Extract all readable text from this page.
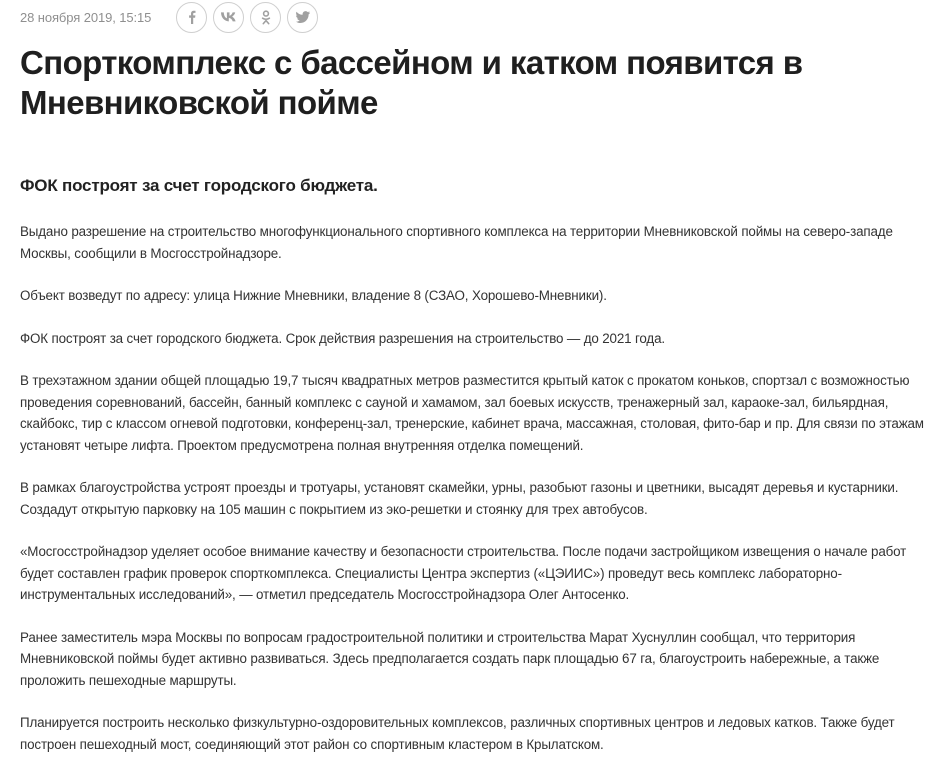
28 ноября 2019, 15:15
Спорткомплекс с бассейном и катком появится в Мневниковской пойме

ФОК построят за счет городского бюджета.

Выдано разрешение на строительство многофункционального спортивного комплекса на территории Мневниковской поймы на северо-западе Москвы, сообщили в Мосгосстройнадзоре.

Объект возведут по адресу: улица Нижние Мневники, владение 8 (СЗАО, Хорошево-Мневники).

ФОК построят за счет городского бюджета. Срок действия разрешения на строительство — до 2021 года.

В трехэтажном здании общей площадью 19,7 тысяч квадратных метров разместится крытый каток с прокатом коньков, спортзал с возможностью проведения соревнований, бассейн, банный комплекс с сауной и хамамом, зал боевых искусств, тренажерный зал, караоке-зал, бильярдная, скайбокс, тир с классом огневой подготовки, конференц-зал, тренерские, кабинет врача, массажная, столовая, фито-бар и пр. Для связи по этажам установят четыре лифта. Проектом предусмотрена полная внутренняя отделка помещений.

В рамках благоустройства устроят проезды и тротуары, установят скамейки, урны, разобьют газоны и цветники, высадят деревья и кустарники. Создадут открытую парковку на 105 машин с покрытием из эко-решетки и стоянку для трех автобусов.

«Мосгосстройнадзор уделяет особое внимание качеству и безопасности строительства. После подачи застройщиком извещения о начале работ будет составлен график проверок спорткомплекса. Специалисты Центра экспертиз («ЦЭИИС») проведут весь комплекс лабораторно-инструментальных исследований», — отметил председатель Мосгосстройнадзора Олег Антосенко.

Ранее заместитель мэра Москвы по вопросам градостроительной политики и строительства Марат Хуснуллин сообщал, что территория Мневниковской поймы будет активно развиваться. Здесь предполагается создать парк площадью 67 га, благоустроить набережные, а также проложить пешеходные маршруты.

Планируется построить несколько физкультурно-оздоровительных комплексов, различных спортивных центров и ледовых катков. Также будет построен пешеходный мост, соединяющий этот район со спортивным кластером в Крылатском.
